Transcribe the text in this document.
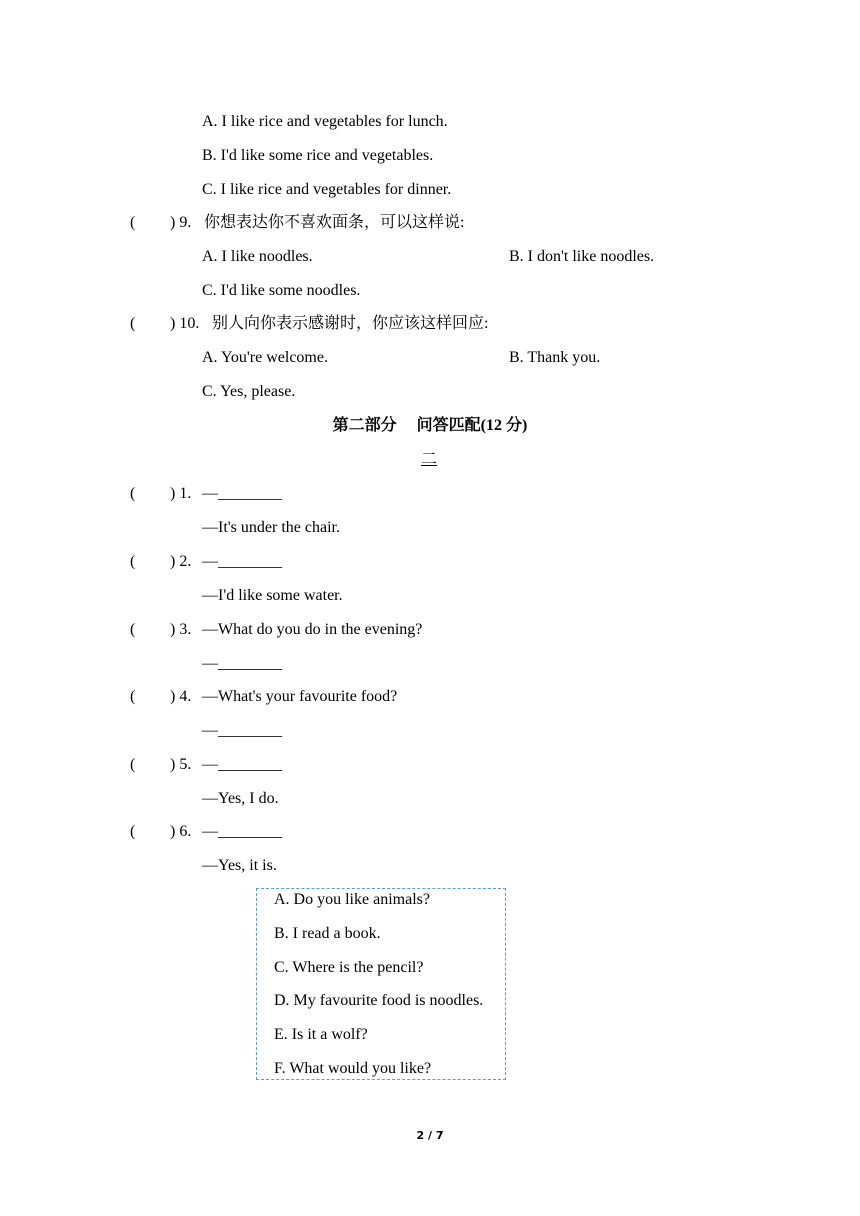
A. I like rice and vegetables for lunch.
B. I'd like some rice and vegetables.
C. I like rice and vegetables for dinner.
( ) 9. 你想表达你不喜欢面条，可以这样说:
A. I like noodles.	B. I don't like noodles.
C. I'd like some noodles.
( ) 10. 别人向你表示感谢时，你应该这样回应:
A. You're welcome.	B. Thank you.
C. Yes, please.
第二部分　 问答匹配(12 分)
二
( ) 1. —________
—It's under the chair.
( ) 2. —________
—I'd like some water.
( ) 3. —What do you do in the evening?
—________
( ) 4. —What's your favourite food?
—________
( ) 5. —________
—Yes, I do.
( ) 6. —________
—Yes, it is.
A. Do you like animals?
B. I read a book.
C. Where is the pencil?
D. My favourite food is noodles.
E. Is it a wolf?
F. What would you like?
2 / 7
